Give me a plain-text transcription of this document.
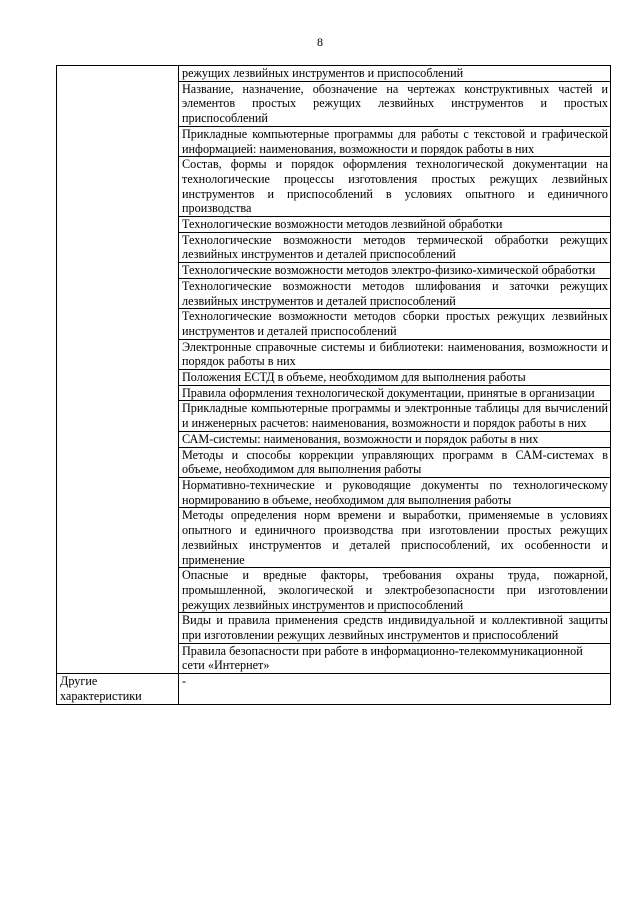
8
	режущих лезвийных инструментов и приспособлений
	Название, назначение, обозначение на чертежах конструктивных частей и элементов простых режущих лезвийных инструментов и простых приспособлений
	Прикладные компьютерные программы для работы с текстовой и графической информацией: наименования, возможности и порядок работы в них
	Состав, формы и порядок оформления технологической документации на технологические процессы изготовления простых режущих лезвийных инструментов и приспособлений в условиях опытного и единичного производства
	Технологические возможности методов лезвийной обработки
	Технологические возможности методов термической обработки режущих лезвийных инструментов и деталей приспособлений
	Технологические возможности методов электро-физико-химической обработки
	Технологические возможности методов шлифования и заточки режущих лезвийных инструментов и деталей приспособлений
	Технологические возможности методов сборки простых режущих лезвийных инструментов и деталей приспособлений
	Электронные справочные системы и библиотеки: наименования, возможности и порядок работы в них
	Положения ЕСТД в объеме, необходимом для выполнения работы
	Правила оформления технологической документации, принятые в организации
	Прикладные компьютерные программы и электронные таблицы для вычислений и инженерных расчетов: наименования, возможности и порядок работы в них
	САМ-системы: наименования, возможности и порядок работы в них
	Методы и способы коррекции управляющих программ в САМ-системах в объеме, необходимом для выполнения работы
	Нормативно-технические и руководящие документы по технологическому нормированию в объеме, необходимом для выполнения работы
	Методы определения норм времени и выработки, применяемые в условиях опытного и единичного производства при изготовлении простых режущих лезвийных инструментов и деталей приспособлений, их особенности и применение
	Опасные и вредные факторы, требования охраны труда, пожарной, промышленной, экологической и электробезопасности при изготовлении режущих лезвийных инструментов и приспособлений
	Виды и правила применения средств индивидуальной и коллективной защиты при изготовлении режущих лезвийных инструментов и приспособлений
	Правила безопасности при работе в информационно-телекоммуникационной сети «Интернет»
Другие характеристики	-
